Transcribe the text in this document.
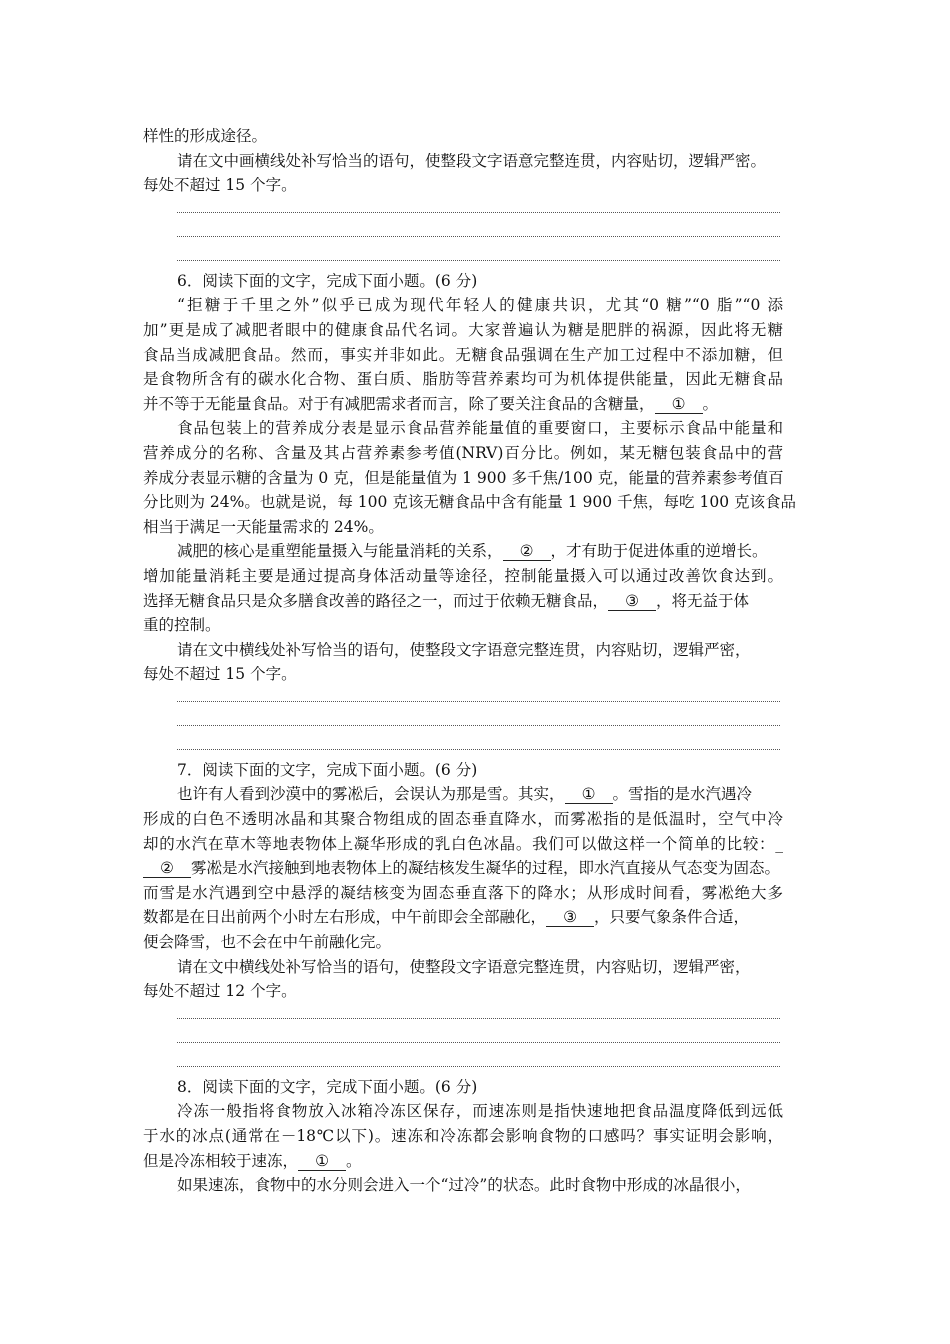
样性的形成途径。

请在文中画横线处补写恰当的语句，使整段文字语意完整连贯，内容贴切，逻辑严密。

每处不超过 15 个字。

6．阅读下面的文字，完成下面小题。(6 分)

“拒糖于千里之外”似乎已成为现代年轻人的健康共识，尤其“0 糖”“0 脂”“0 添

加”更是成了减肥者眼中的健康食品代名词。大家普遍认为糖是肥胖的祸源，因此将无糖

食品当成减肥食品。然而，事实并非如此。无糖食品强调在生产加工过程中不添加糖，但

是食物所含有的碳水化合物、蛋白质、脂肪等营养素均可为机体提供能量，因此无糖食品

并不等于无能量食品。对于有减肥需求者而言，除了要关注食品的含糖量， ① 。

食品包装上的营养成分表是显示食品营养能量值的重要窗口，主要标示食品中能量和

营养成分的名称、含量及其占营养素参考值(NRV)百分比。例如，某无糖包装食品中的营

养成分表显示糖的含量为 0 克，但是能量值为 1 900 多千焦/100 克，能量的营养素参考值百

分比则为 24%。也就是说，每 100 克该无糖食品中含有能量 1 900 千焦，每吃 100 克该食品

相当于满足一天能量需求的 24%。

减肥的核心是重塑能量摄入与能量消耗的关系， ② ，才有助于促进体重的逆增长。

增加能量消耗主要是通过提高身体活动量等途径，控制能量摄入可以通过改善饮食达到。

选择无糖食品只是众多膳食改善的路径之一，而过于依赖无糖食品， ③ ，将无益于体

重的控制。

请在文中横线处补写恰当的语句，使整段文字语意完整连贯，内容贴切，逻辑严密，

每处不超过 15 个字。

7．阅读下面的文字，完成下面小题。(6 分)

也许有人看到沙漠中的雾凇后，会误认为那是雪。其实， ① 。雪指的是水汽遇冷

形成的白色不透明冰晶和其聚合物组成的固态垂直降水，而雾凇指的是低温时，空气中冷

却的水汽在草木等地表物体上凝华形成的乳白色冰晶。我们可以做这样一个简单的比较：_

② 雾凇是水汽接触到地表物体上的凝结核发生凝华的过程，即水汽直接从气态变为固态。

而雪是水汽遇到空中悬浮的凝结核变为固态垂直落下的降水；从形成时间看，雾凇绝大多

数都是在日出前两个小时左右形成，中午前即会全部融化， ③ ，只要气象条件合适，

便会降雪，也不会在中午前融化完。

请在文中横线处补写恰当的语句，使整段文字语意完整连贯，内容贴切，逻辑严密，

每处不超过 12 个字。

8．阅读下面的文字，完成下面小题。(6 分)

冷冻一般指将食物放入冰箱冷冻区保存，而速冻则是指快速地把食品温度降低到远低

于水的冰点(通常在－18℃以下)。速冻和冷冻都会影响食物的口感吗？事实证明会影响，

但是冷冻相较于速冻， ① 。

如果速冻，食物中的水分则会进入一个“过冷”的状态。此时食物中形成的冰晶很小，
